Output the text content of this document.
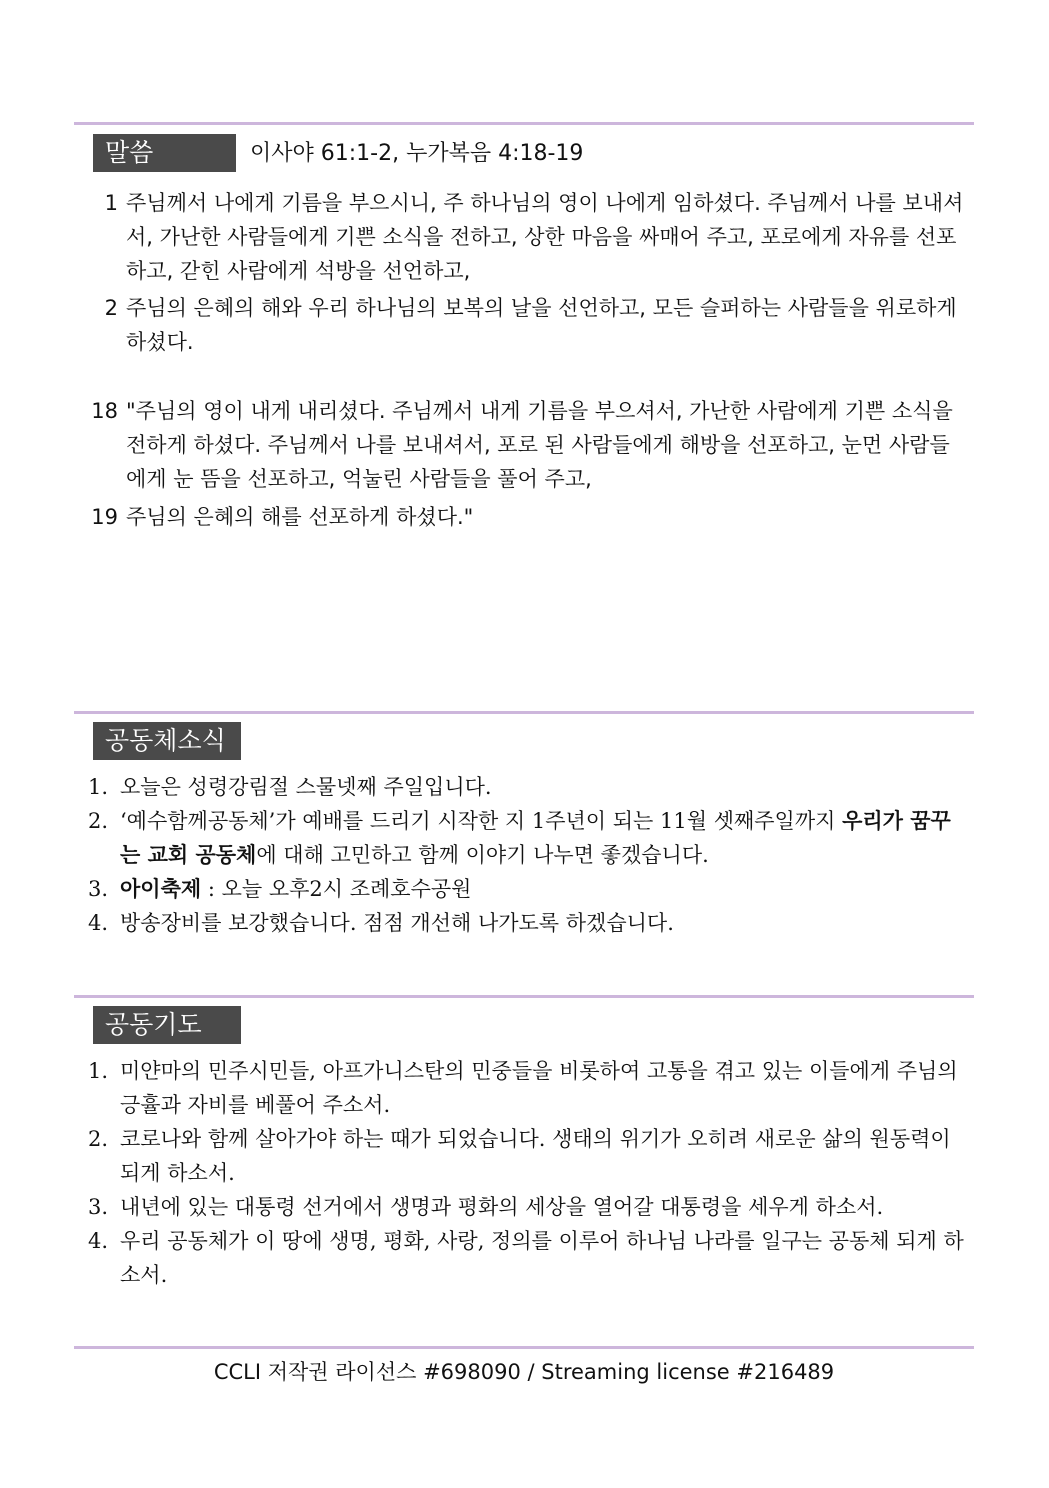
말씀	이사야 61:1-2, 누가복음 4:18-19
1 주님께서 나에게 기름을 부으시니, 주 하나님의 영이 나에게 임하셨다. 주님께서 나를 보내셔서, 가난한 사람들에게 기쁜 소식을 전하고, 상한 마음을 싸매어 주고, 포로에게 자유를 선포하고, 갇힌 사람에게 석방을 선언하고,
2 주님의 은혜의 해와 우리 하나님의 보복의 날을 선언하고, 모든 슬퍼하는 사람들을 위로하게 하셨다.
18 "주님의 영이 내게 내리셨다. 주님께서 내게 기름을 부으셔서, 가난한 사람에게 기쁜 소식을 전하게 하셨다. 주님께서 나를 보내셔서, 포로 된 사람들에게 해방을 선포하고, 눈먼 사람들에게 눈 뜸을 선포하고, 억눌린 사람들을 풀어 주고,
19 주님의 은혜의 해를 선포하게 하셨다."
공동체소식
1. 오늘은 성령강림절 스물넷째 주일입니다.
2. ‘예수함께공동체’가 예배를 드리기 시작한 지 1주년이 되는 11월 셋째주일까지 우리가 꿈꾸는 교회 공동체에 대해 고민하고 함께 이야기 나누면 좋겠습니다.
3. 아이축제 : 오늘 오후2시 조례호수공원
4. 방송장비를 보강했습니다. 점점 개선해 나가도록 하겠습니다.
공동기도
1. 미얀마의 민주시민들, 아프가니스탄의 민중들을 비롯하여 고통을 겪고 있는 이들에게 주님의 긍휼과 자비를 베풀어 주소서.
2. 코로나와 함께 살아가야 하는 때가 되었습니다. 생태의 위기가 오히려 새로운 삶의 원동력이 되게 하소서.
3. 내년에 있는 대통령 선거에서 생명과 평화의 세상을 열어갈 대통령을 세우게 하소서.
4. 우리 공동체가 이 땅에 생명, 평화, 사랑, 정의를 이루어 하나님 나라를 일구는 공동체 되게 하소서.
CCLI 저작권 라이선스 #698090 / Streaming license #216489
